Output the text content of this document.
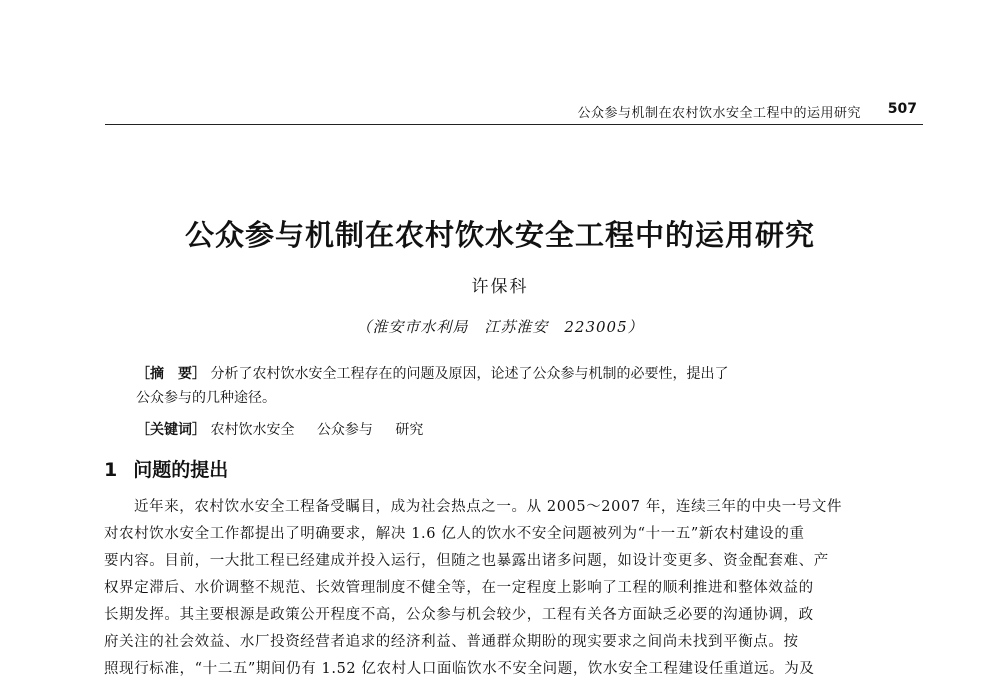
公众参与机制在农村饮水安全工程中的运用研究 507
公众参与机制在农村饮水安全工程中的运用研究
许保科
（淮安市水利局　江苏淮安　223005）
［摘　要］ 分析了农村饮水安全工程存在的问题及原因，论述了公众参与机制的必要性，提出了
公众参与的几种途径。
［关键词］ 农村饮水安全 公众参与 研究
1 问题的提出
近年来，农村饮水安全工程备受瞩目，成为社会热点之一。从 2005～2007 年，连续三年的中央一号文件
对农村饮水安全工作都提出了明确要求，解决 1.6 亿人的饮水不安全问题被列为“十一五”新农村建设的重
要内容。目前，一大批工程已经建成并投入运行，但随之也暴露出诸多问题，如设计变更多、资金配套难、产
权界定滞后、水价调整不规范、长效管理制度不健全等，在一定程度上影响了工程的顺利推进和整体效益的
长期发挥。其主要根源是政策公开程度不高，公众参与机会较少，工程有关各方面缺乏必要的沟通协调，政
府关注的社会效益、水厂投资经营者追求的经济利益、普通群众期盼的现实要求之间尚未找到平衡点。按
照现行标准，“十二五”期间仍有 1.52 亿农村人口面临饮水不安全问题，饮水安全工程建设任重道远。为及
